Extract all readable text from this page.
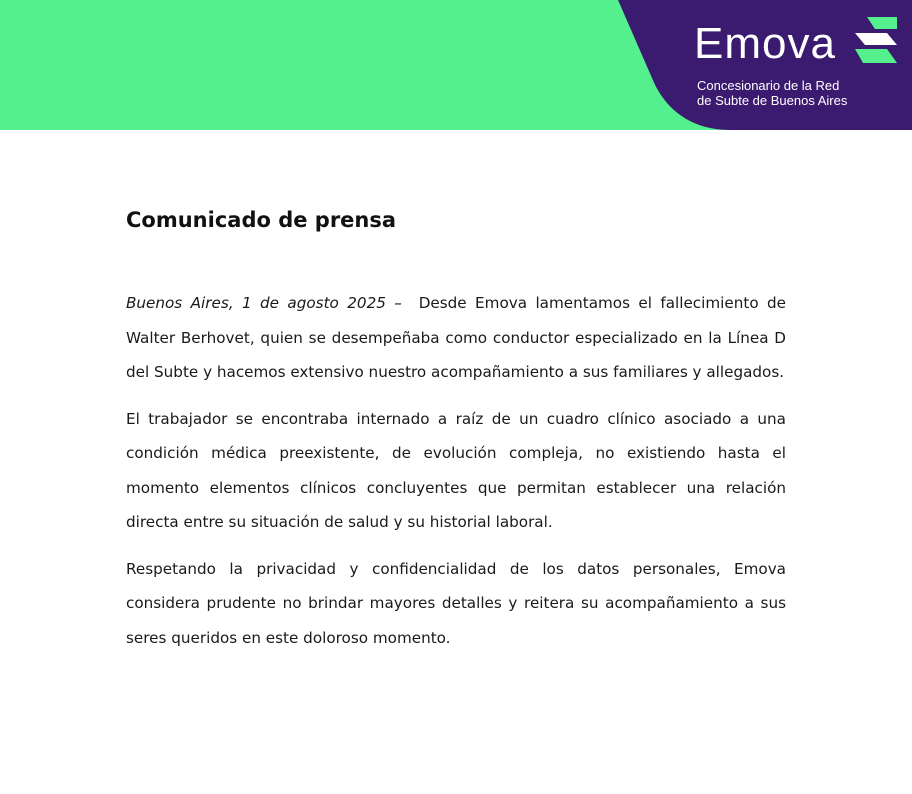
Emova
Concesionario de la Red
de Subte de Buenos Aires
Comunicado de prensa

Buenos Aires, 1 de agosto 2025 – Desde Emova lamentamos el fallecimiento de Walter Berhovet, quien se desempeñaba como conductor especializado en la Línea D del Subte y hacemos extensivo nuestro acompañamiento a sus familiares y allegados.

El trabajador se encontraba internado a raíz de un cuadro clínico asociado a una condición médica preexistente, de evolución compleja, no existiendo hasta el momento elementos clínicos concluyentes que permitan establecer una relación directa entre su situación de salud y su historial laboral.

Respetando la privacidad y confidencialidad de los datos personales, Emova considera prudente no brindar mayores detalles y reitera su acompañamiento a sus seres queridos en este doloroso momento.
